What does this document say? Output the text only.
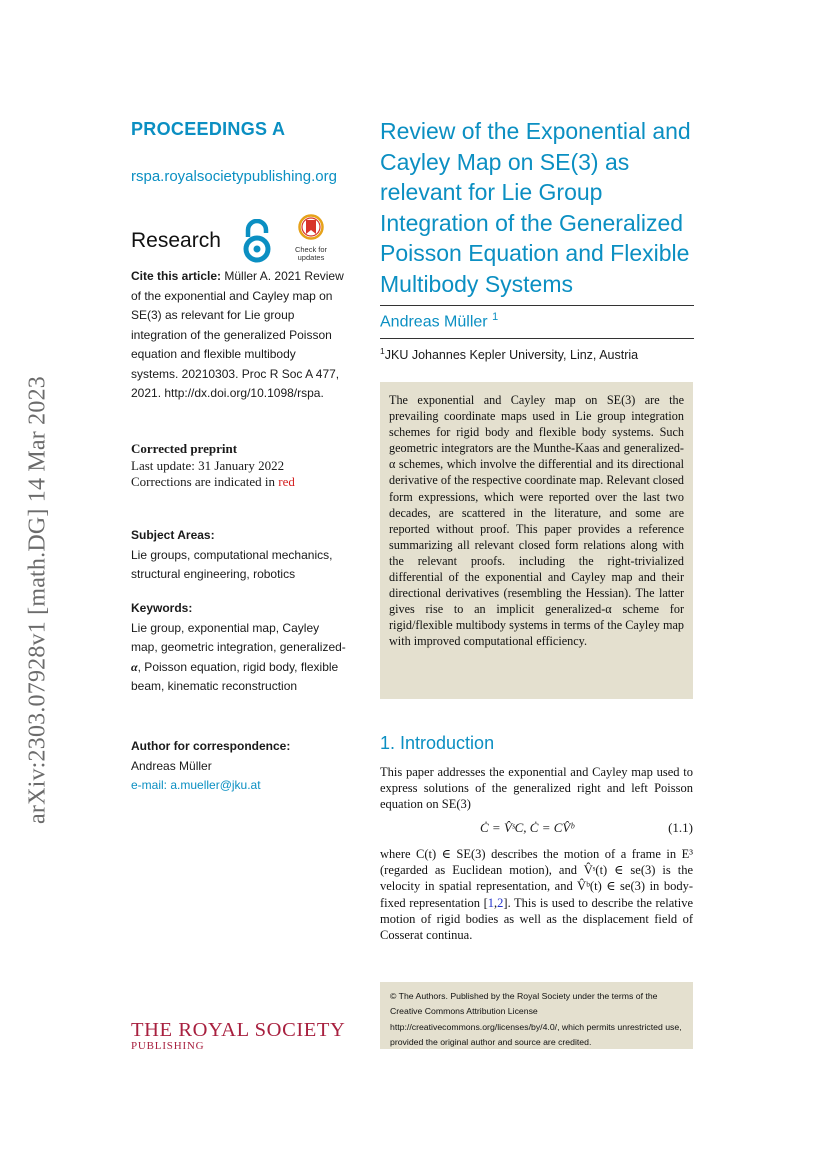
arXiv:2303.07928v1 [math.DG] 14 Mar 2023
PROCEEDINGS A
rspa.royalsocietypublishing.org
Research	Check for updates
Cite this article: Müller A. 2021 Review of the exponential and Cayley map on SE(3) as relevant for Lie group integration of the generalized Poisson equation and flexible multibody systems. 20210303. Proc R Soc A 477, 2021. http://dx.doi.org/10.1098/rspa.
Corrected preprint
Last update: 31 January 2022
Corrections are indicated in red
Subject Areas:
Lie groups, computational mechanics, structural engineering, robotics
Keywords:
Lie group, exponential map, Cayley map, geometric integration, generalized-α, Poisson equation, rigid body, flexible beam, kinematic reconstruction
Author for correspondence:
Andreas Müller
e-mail: a.mueller@jku.at
Review of the Exponential and Cayley Map on SE(3) as relevant for Lie Group Integration of the Generalized Poisson Equation and Flexible Multibody Systems
Andreas Müller $^1$
$^1$JKU Johannes Kepler University, Linz, Austria

The exponential and Cayley map on SE(3) are the prevailing coordinate maps used in Lie group integration schemes for rigid body and flexible body systems. Such geometric integrators are the Munthe-Kaas and generalized-α schemes, which involve the differential and its directional derivative of the respective coordinate map. Relevant closed form expressions, which were reported over the last two decades, are scattered in the literature, and some are reported without proof. This paper provides a reference summarizing all relevant closed form relations along with the relevant proofs. including the right-trivialized differential of the exponential and Cayley map and their directional derivatives (resembling the Hessian). The latter gives rise to an implicit generalized-α scheme for rigid/flexible multibody systems in terms of the Cayley map with improved computational efficiency.

1. Introduction

This paper addresses the exponential and Cayley map used to express solutions of the generalized right and left Poisson equation on SE(3)

Ċ = V̂ˢC, Ċ = CV̂ᵇ	(1.1)

where C(t) ∈ SE(3) describes the motion of a frame in E³ (regarded as Euclidean motion), and V̂ˢ(t) ∈ se(3) is the velocity in spatial representation, and V̂ᵇ(t) ∈ se(3) in body-fixed representation [1,2]. This is used to describe the relative motion of rigid bodies as well as the displacement field of Cosserat continua.

© The Authors. Published by the Royal Society under the terms of the Creative Commons Attribution License http://creativecommons.org/licenses/by/4.0/, which permits unrestricted use, provided the original author and source are credited.
THE ROYAL SOCIETY
PUBLISHING
